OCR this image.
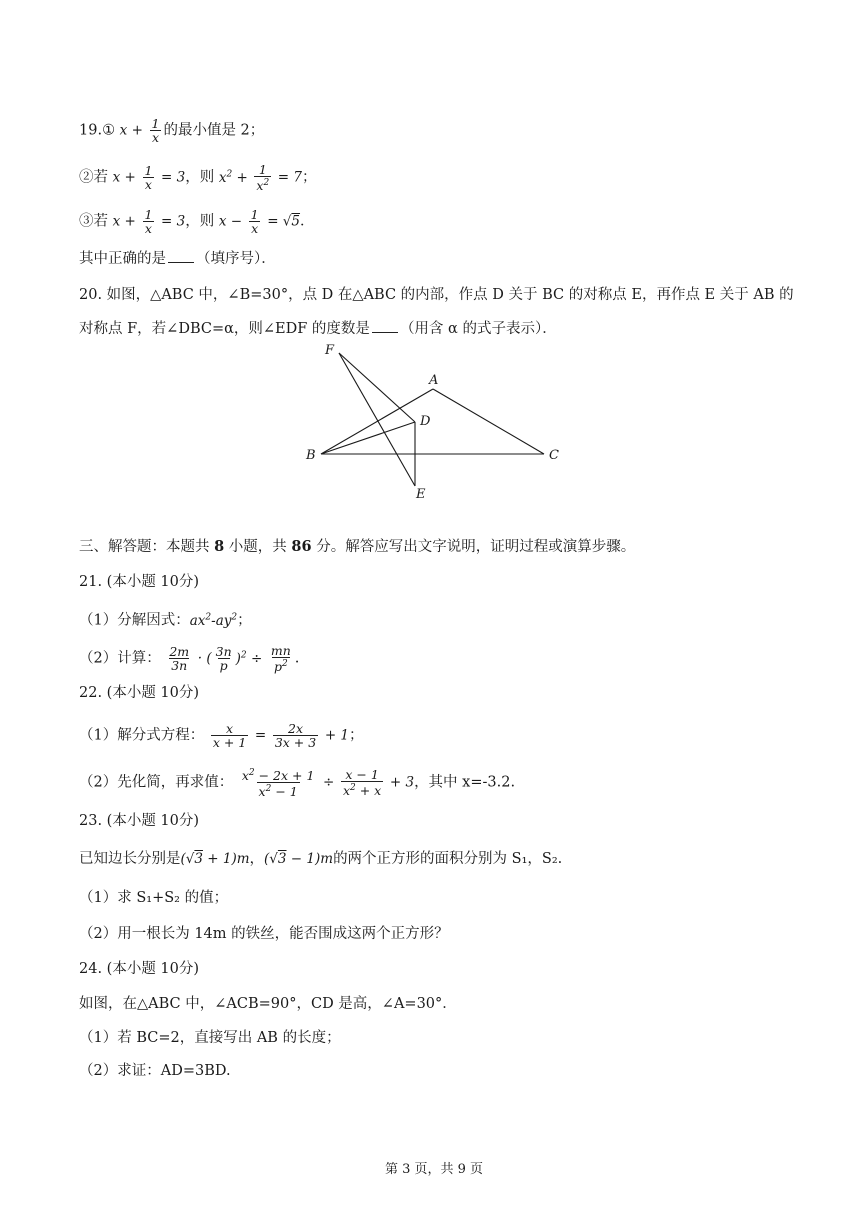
19.① $x + \frac{1}{x}$ 的最小值是 2；
②若 $x + \frac{1}{x} = 3$，则 $x^2 + \frac{1}{x^2} = 7$；
③若 $x + \frac{1}{x} = 3$，则 $x - \frac{1}{x} = √5$．
其中正确的是 （填序号）．
20. 如图，△ABC 中，∠B=30°，点 D 在△ABC 的内部，作点 D 关于 BC 的对称点 E，再作点 E 关于 AB 的
对称点 F，若∠DBC=α，则∠EDF 的度数是 （用含 α 的式子表示）．
F
A
D
B	C
E
三、解答题：本题共 8 小题，共 86 分。解答应写出文字说明，证明过程或演算步骤。
21. (本小题 10分)
（1）分解因式：$ax^2-ay^2$；
（2）计算： $\frac{2m}{3n}$ · ( $\frac{3n}{p} )^2 \div \frac{mn}{p^2}$ .
22. (本小题 10分)
（1）解分式方程： $\frac{x}{x + 1} = \frac{2x}{3x + 3} + 1$；
（2）先化简，再求值： $\frac{x^2 - 2x + 1}{x^2 - 1} \div \frac{x - 1}{x^2 + x} + 3$，其中 x=-3.2.
23. (本小题 10分)
已知边长分别是(√3 + 1)m，(√3 − 1)m的两个正方形的面积分别为 S₁，S₂.
（1）求 S₁+S₂ 的值；
（2）用一根长为 14m 的铁丝，能否围成这两个正方形？
24. (本小题 10分)
如图，在△ABC 中，∠ACB=90°，CD 是高，∠A=30°．
（1）若 BC=2，直接写出 AB 的长度；
（2）求证：AD=3BD.
第 3 页，共 9 页
